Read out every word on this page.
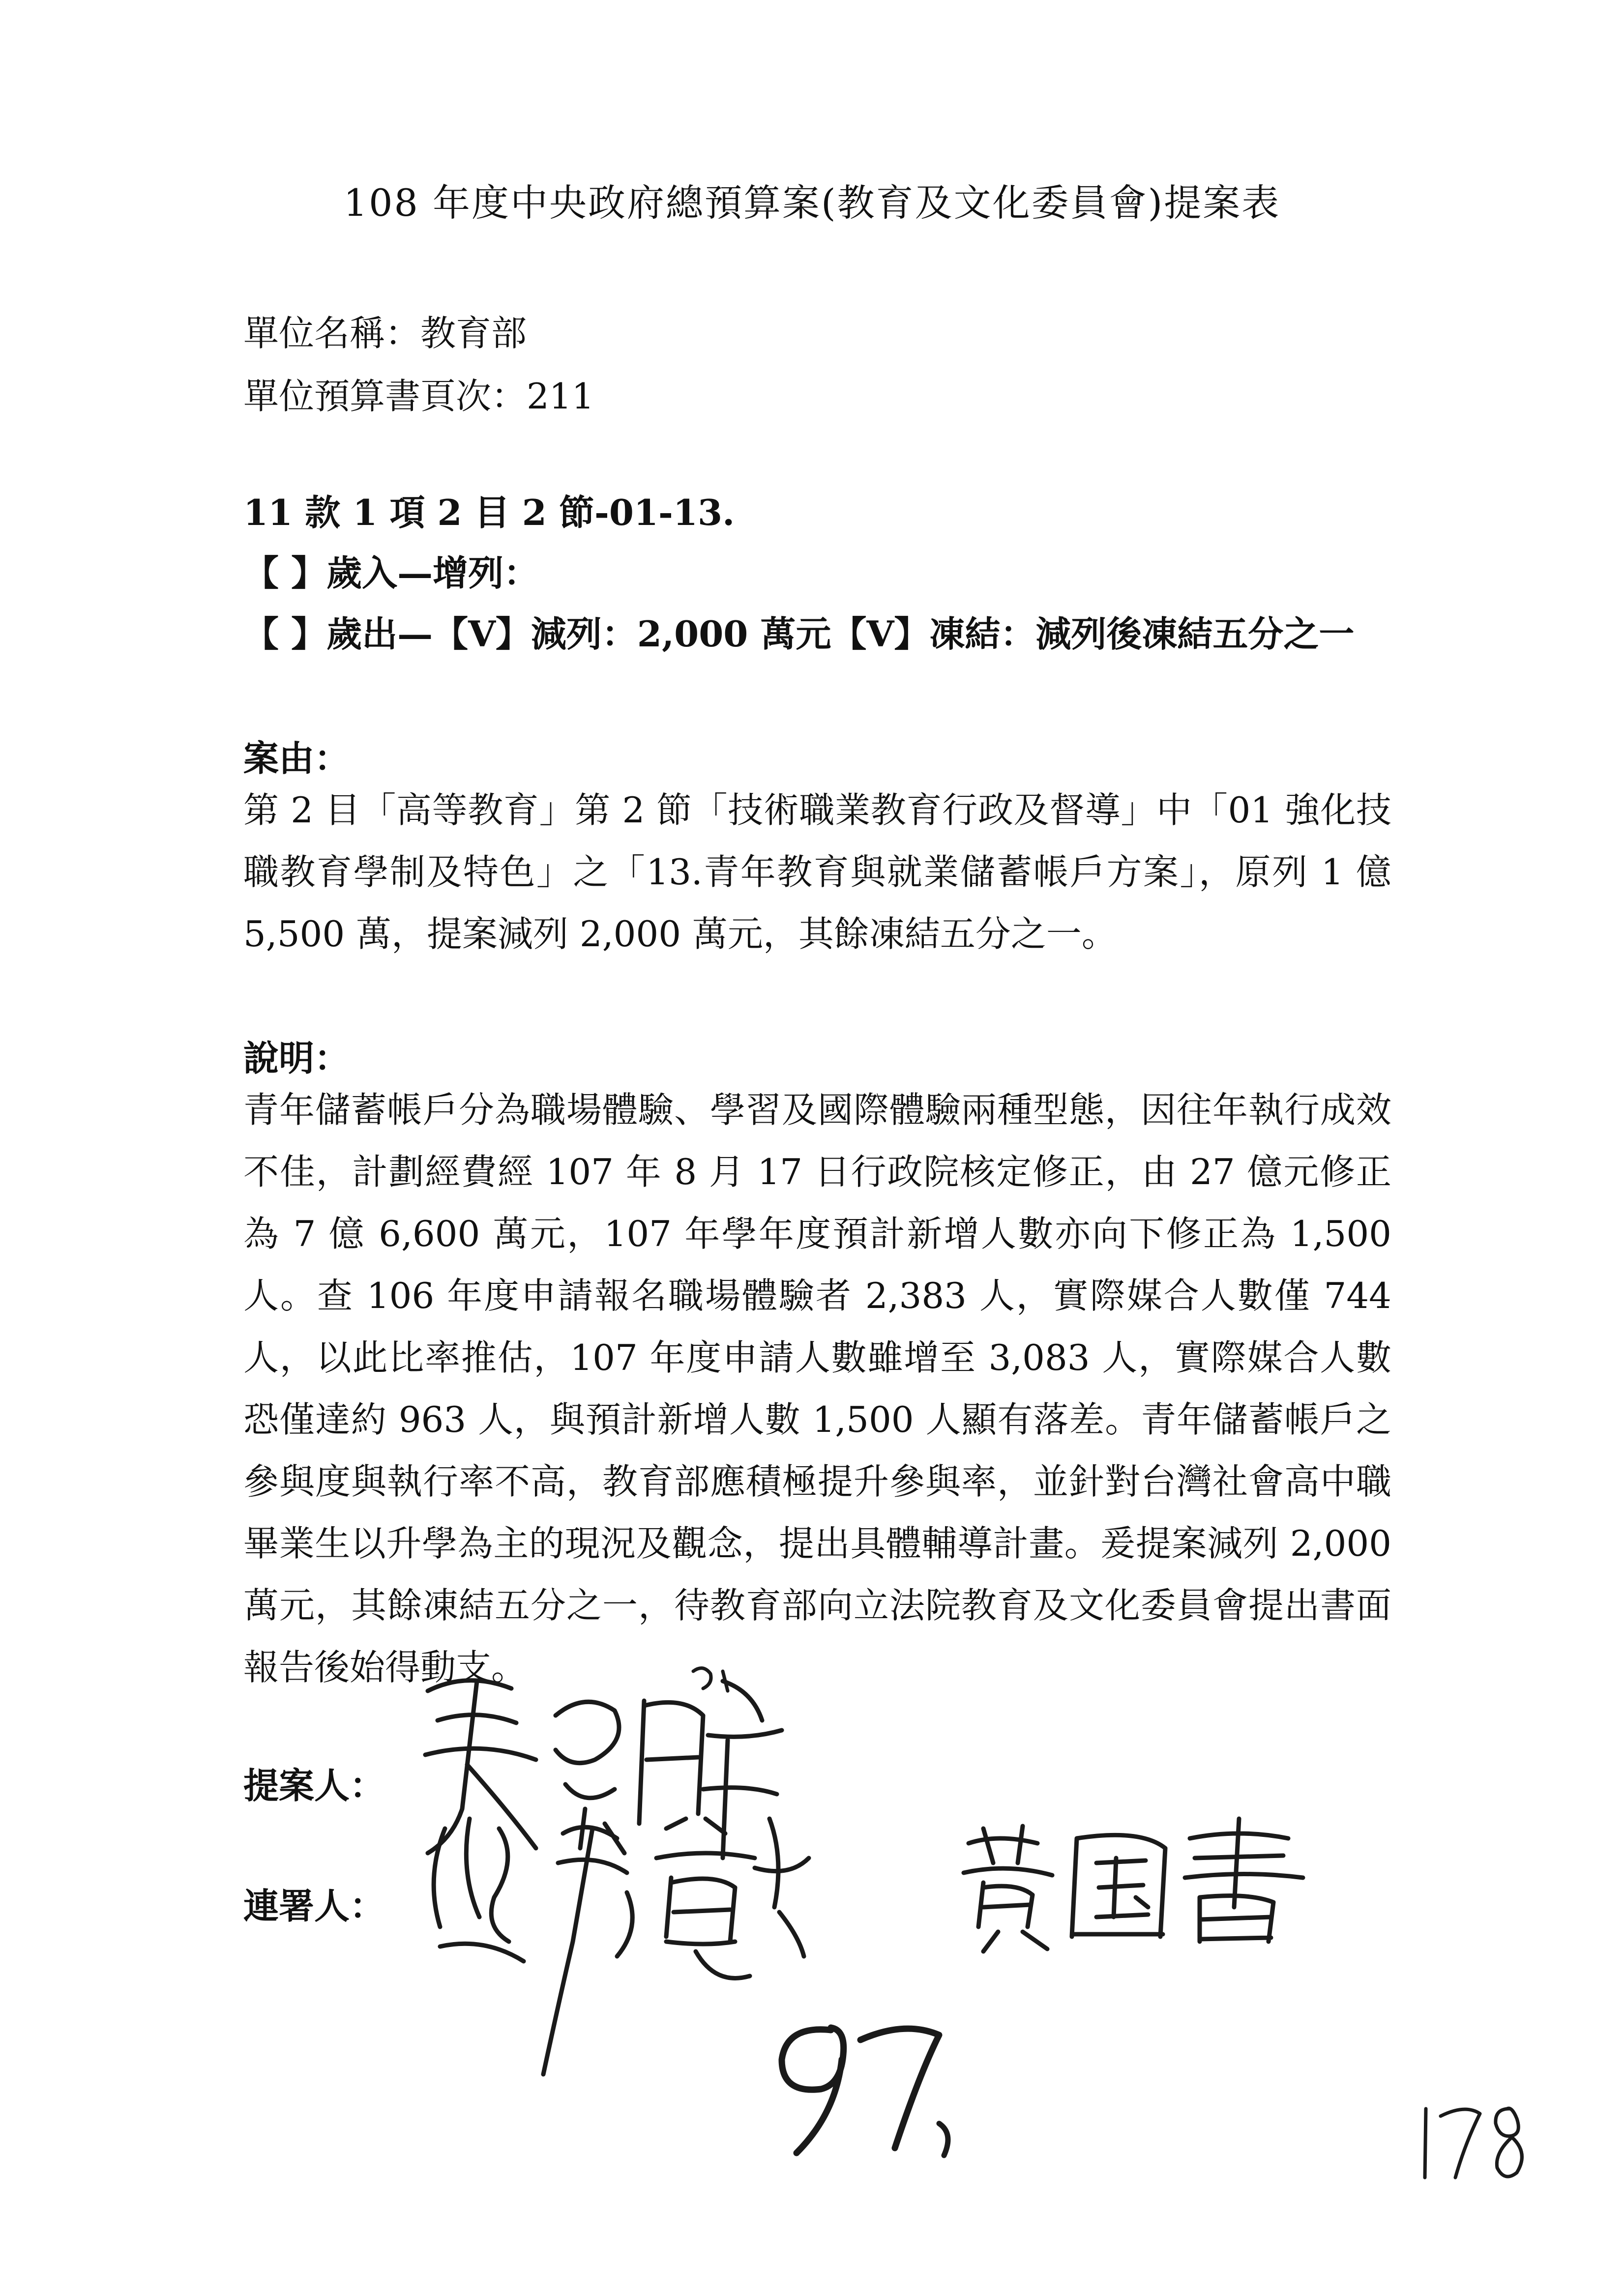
108 年度中央政府總預算案(教育及文化委員會)提案表
單位名稱：教育部
單位預算書頁次：211
11 款 1 項 2 目 2 節-01-13.
【 】歲入—增列：
【 】歲出—【V】減列：2,000 萬元【V】凍結：減列後凍結五分之一
案由：
第 2 目「高等教育」第 2 節「技術職業教育行政及督導」中「01 強化技職教育學制及特色」之「13.青年教育與就業儲蓄帳戶方案」，原列 1 億 5,500 萬，提案減列 2,000 萬元，其餘凍結五分之一。
說明：
青年儲蓄帳戶分為職場體驗、學習及國際體驗兩種型態，因往年執行成效不佳，計劃經費經 107 年 8 月 17 日行政院核定修正，由 27 億元修正為 7 億 6,600 萬元，107 年學年度預計新增人數亦向下修正為 1,500 人。查 106 年度申請報名職場體驗者 2,383 人，實際媒合人數僅 744 人，以此比率推估，107 年度申請人數雖增至 3,083 人，實際媒合人數恐僅達約 963 人，與預計新增人數 1,500 人顯有落差。青年儲蓄帳戶之參與度與執行率不高，教育部應積極提升參與率，並針對台灣社會高中職畢業生以升學為主的現況及觀念，提出具體輔導計畫。爰提案減列 2,000 萬元，其餘凍結五分之一，待教育部向立法院教育及文化委員會提出書面報告後始得動支。
提案人：
連署人：
